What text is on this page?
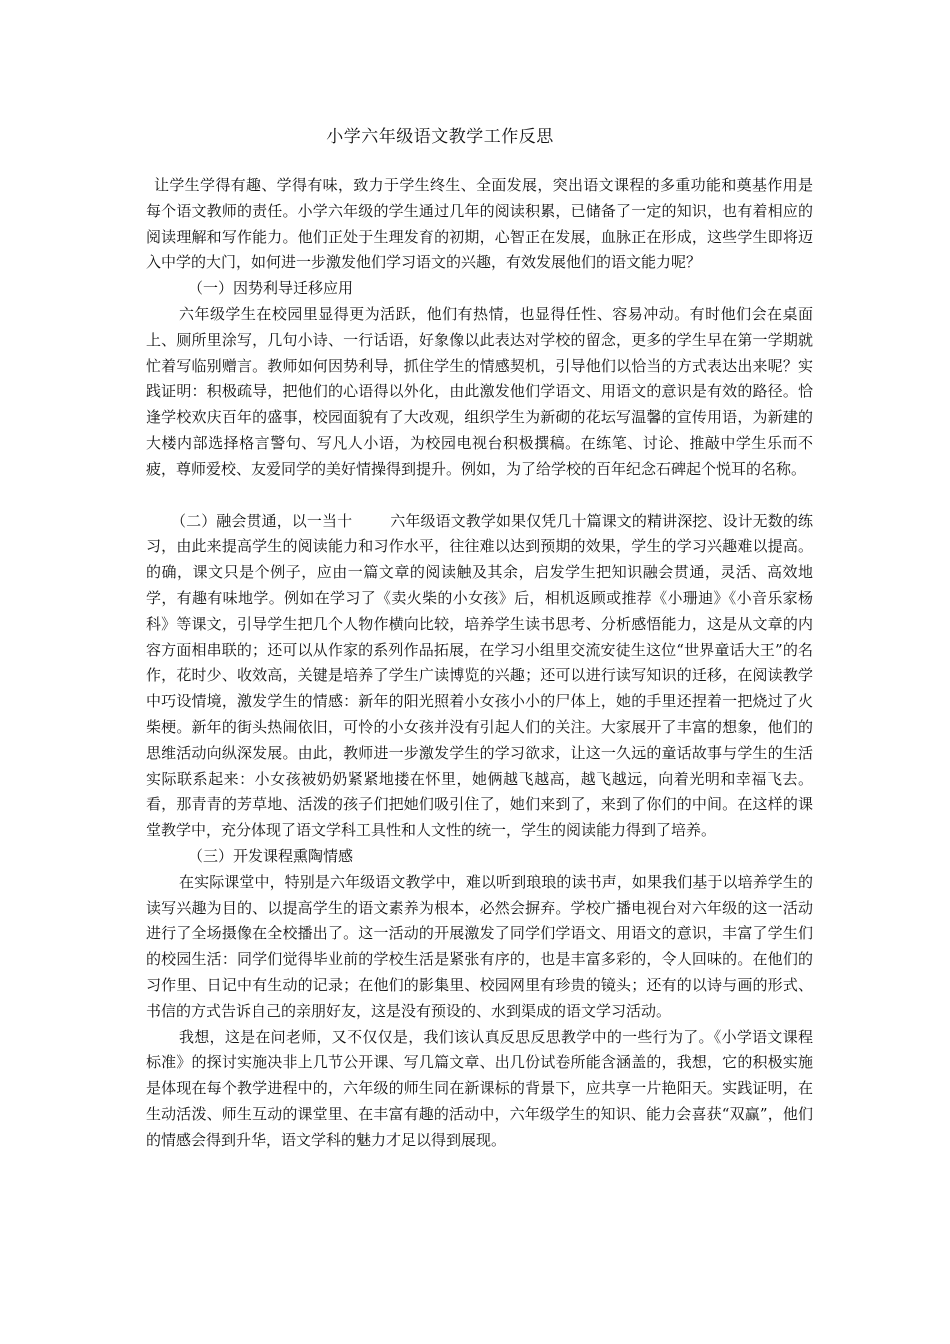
小学六年级语文教学工作反思

让学生学得有趣、学得有味，致力于学生终生、全面发展，突出语文课程的多重功能和奠基作用是每个语文教师的责任。小学六年级的学生通过几年的阅读积累，已储备了一定的知识，也有着相应的阅读理解和写作能力。他们正处于生理发育的初期，心智正在发展，血脉正在形成，这些学生即将迈入中学的大门，如何进一步激发他们学习语文的兴趣，有效发展他们的语文能力呢？

（一）因势利导迁移应用

六年级学生在校园里显得更为活跃，他们有热情，也显得任性、容易冲动。有时他们会在桌面上、厕所里涂写，几句小诗、一行话语，好象像以此表达对学校的留念，更多的学生早在第一学期就忙着写临别赠言。教师如何因势利导，抓住学生的情感契机，引导他们以恰当的方式表达出来呢？实践证明：积极疏导，把他们的心语得以外化，由此激发他们学语文、用语文的意识是有效的路径。恰逢学校欢庆百年的盛事，校园面貌有了大改观，组织学生为新砌的花坛写温馨的宣传用语，为新建的大楼内部选择格言警句、写凡人小语，为校园电视台积极撰稿。在练笔、讨论、推敲中学生乐而不疲，尊师爱校、友爱同学的美好情操得到提升。例如，为了给学校的百年纪念石碑起个悦耳的名称。

（二）融会贯通，以一当十	六年级语文教学如果仅凭几十篇课文的精讲深挖、设计无数的练习，由此来提高学生的阅读能力和习作水平，往往难以达到预期的效果，学生的学习兴趣难以提高。的确，课文只是个例子，应由一篇文章的阅读触及其余，启发学生把知识融会贯通，灵活、高效地学，有趣有味地学。例如在学习了《卖火柴的小女孩》后，相机返顾或推荐《小珊迪》《小音乐家杨科》等课文，引导学生把几个人物作横向比较，培养学生读书思考、分析感悟能力，这是从文章的内容方面相串联的；还可以从作家的系列作品拓展，在学习小组里交流安徒生这位“世界童话大王”的名作，花时少、收效高，关键是培养了学生广读博览的兴趣；还可以进行读写知识的迁移，在阅读教学中巧设情境，激发学生的情感：新年的阳光照着小女孩小小的尸体上，她的手里还捏着一把烧过了火柴梗。新年的街头热闹依旧，可怜的小女孩并没有引起人们的关注。大家展开了丰富的想象，他们的思维活动向纵深发展。由此，教师进一步激发学生的学习欲求，让这一久远的童话故事与学生的生活实际联系起来：小女孩被奶奶紧紧地搂在怀里，她俩越飞越高，越飞越远，向着光明和幸福飞去。看，那青青的芳草地、活泼的孩子们把她们吸引住了，她们来到了，来到了你们的中间。在这样的课堂教学中，充分体现了语文学科工具性和人文性的统一，学生的阅读能力得到了培养。

（三）开发课程熏陶情感

在实际课堂中，特别是六年级语文教学中，难以听到琅琅的读书声，如果我们基于以培养学生的读写兴趣为目的、以提高学生的语文素养为根本，必然会摒弃。学校广播电视台对六年级的这一活动进行了全场摄像在全校播出了。这一活动的开展激发了同学们学语文、用语文的意识，丰富了学生们的校园生活：同学们觉得毕业前的学校生活是紧张有序的，也是丰富多彩的，令人回味的。在他们的习作里、日记中有生动的记录；在他们的影集里、校园网里有珍贵的镜头；还有的以诗与画的形式、书信的方式告诉自己的亲朋好友，这是没有预设的、水到渠成的语文学习活动。

我想，这是在问老师，又不仅仅是，我们该认真反思反思教学中的一些行为了。《小学语文课程标准》的探讨实施决非上几节公开课、写几篇文章、出几份试卷所能含涵盖的，我想，它的积极实施是体现在每个教学进程中的，六年级的师生同在新课标的背景下，应共享一片艳阳天。实践证明，在生动活泼、师生互动的课堂里、在丰富有趣的活动中，六年级学生的知识、能力会喜获“双赢”，他们的情感会得到升华，语文学科的魅力才足以得到展现。
